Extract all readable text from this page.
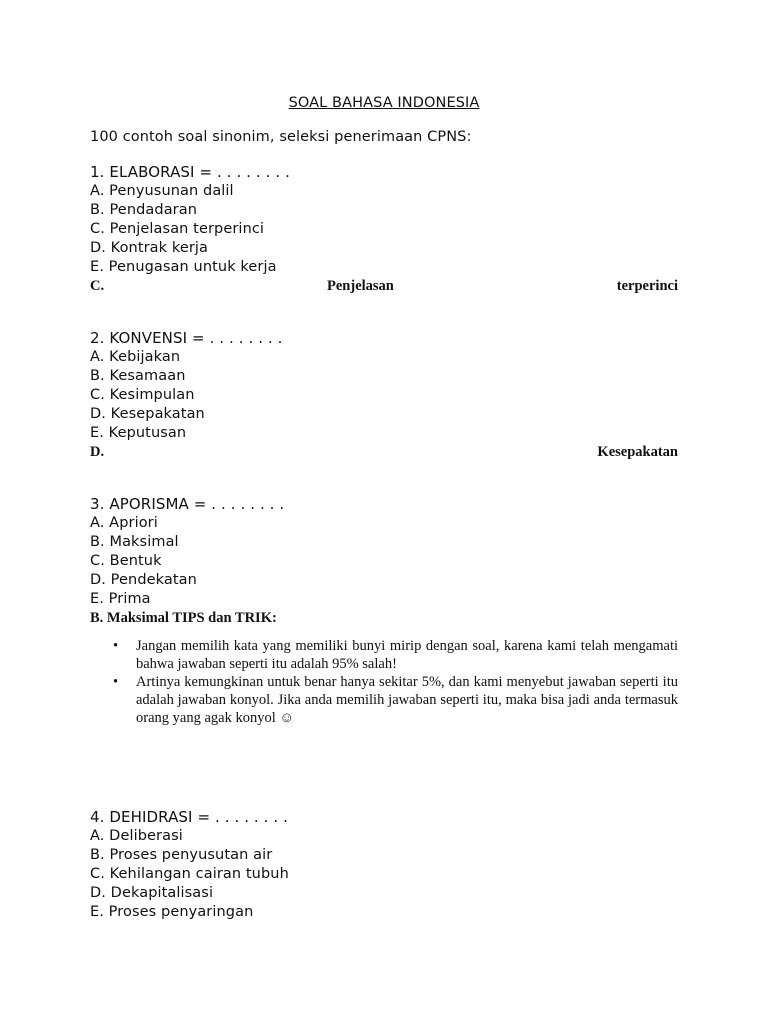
SOAL BAHASA INDONESIA
100 contoh soal sinonim, seleksi penerimaan CPNS:
1. ELABORASI = . . . . . . . .
A. Penyusunan dalil
B. Pendadaran
C. Penjelasan terperinci
D. Kontrak kerja
E. Penugasan untuk kerja
C.	Penjelasan	terperinci
2. KONVENSI = . . . . . . . .
A. Kebijakan
B. Kesamaan
C. Kesimpulan
D. Kesepakatan
E. Keputusan
D.	Kesepakatan
3. APORISMA = . . . . . . . .
A. Apriori
B. Maksimal
C. Bentuk
D. Pendekatan
E. Prima
B. Maksimal TIPS dan TRIK:
• Jangan memilih kata yang memiliki bunyi mirip dengan soal, karena kami telah mengamati bahwa jawaban seperti itu adalah 95% salah!
• Artinya kemungkinan untuk benar hanya sekitar 5%, dan kami menyebut jawaban seperti itu adalah jawaban konyol. Jika anda memilih jawaban seperti itu, maka bisa jadi anda termasuk orang yang agak konyol ☺
4. DEHIDRASI = . . . . . . . .
A. Deliberasi
B. Proses penyusutan air
C. Kehilangan cairan tubuh
D. Dekapitalisasi
E. Proses penyaringan
